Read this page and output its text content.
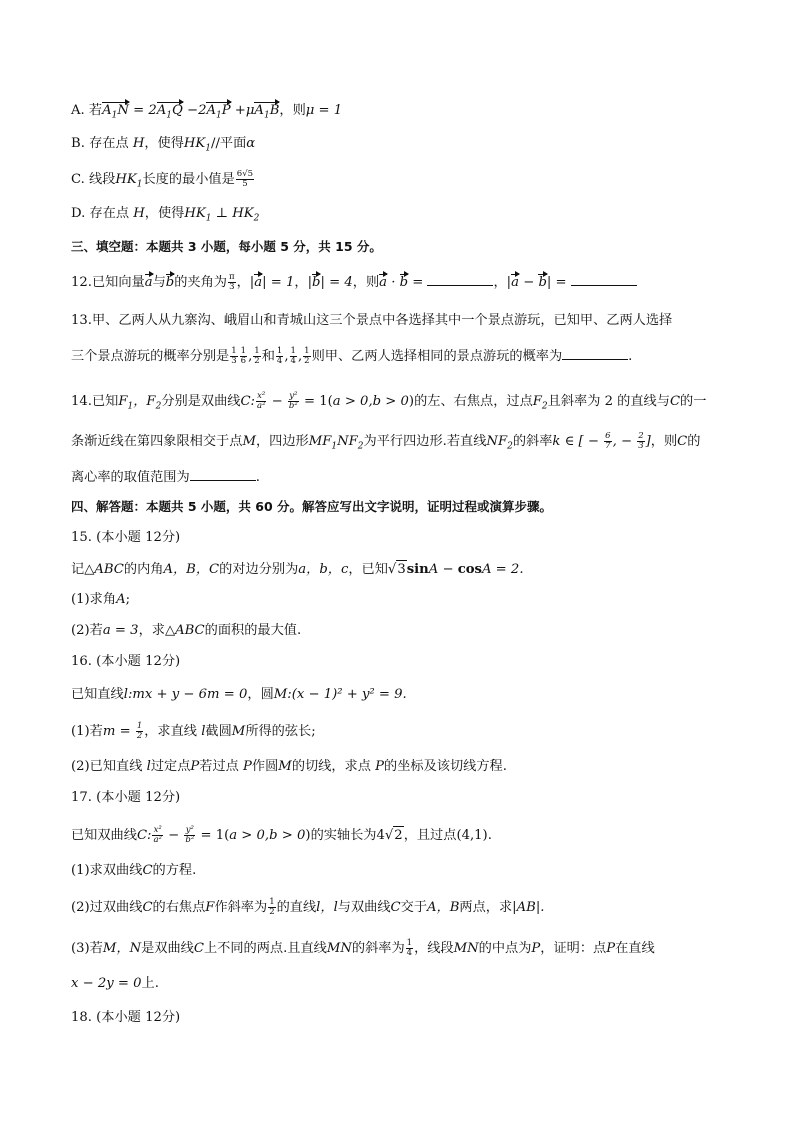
A. 若$A_1N = 2A_1Q -2A_1P +\mu A_1B$，则μ = 1
B. 存在点 H，使得$HK_1//$平面α
C. 线段$HK_1$长度的最小值是 $\frac{6√5}{5}$
D. 存在点 H，使得$HK_1$ ⊥ $HK_2$
三、填空题：本题共 3 小题，每小题 5 分，共 15 分。
12.已知向量a与b的夹角为 $\frac{\pi}{3}$ ，|a| = 1，|b| = 4，则a · b =	，|a − b| =
13.甲、乙两人从九寨沟、峨眉山和青城山这三个景点中各选择其中一个景点游玩，已知甲、乙两人选择
三个景点游玩的概率分别是 $\frac{1}{3} \frac{1}{6}$ , $\frac{1}{2}$ 和 $\frac{1}{4}$ , $\frac{1}{4}$ , $\frac{1}{2}$ 则甲、乙两人选择相同的景点游玩的概率为	.
14.已知$F_1$，$F_2$分别是双曲线C: $\frac{\text{x²}}{\text{a²}} - \frac{\text{y²}}{\text{b²}} = 1(a > 0,b > 0)$的左、右焦点，过点$F_2$且斜率为 2 的直线与C的一
条渐近线在第四象限相交于点M，四边形$MF_1NF_2$为平行四边形.若直线$NF_2$的斜率k ∈ [ − $\frac{6}{7}$ , − $\frac{2}{3}$ ]，则C的
离心率的取值范围为	.
四、解答题：本题共 5 小题，共 60 分。解答应写出文字说明，证明过程或演算步骤。
15. (本小题 12分)
记△ABC的内角A，B，C的对边分别为a，b，c，已知√3sinA − cosA = 2.
(1)求角A;
(2)若a = 3，求△ABC的面积的最大值.
16. (本小题 12分)
已知直线l:mx + y − 6m = 0，圆M:(x − 1)² + y² = 9.
(1)若$m = \frac{1}{2}$ ，求直线 l截圆M所得的弦长;
(2)已知直线 l过定点P若过点 P作圆M的切线，求点 P的坐标及该切线方程.
17. (本小题 12分)
已知双曲线C: $\frac{\text{x²}}{\text{a²}} - \frac{\text{y²}}{\text{b²}} = 1(a > 0,b > 0)$的实轴长为4√2，且过点(4,1).
(1)求双曲线C的方程.
(2)过双曲线C的右焦点F作斜率为 $\frac{1}{2}$ 的直线l，l与双曲线C交于A，B两点，求|AB|.
(3)若M，N是双曲线C上不同的两点.且直线MN的斜率为 $\frac{1}{4}$ ，线段MN的中点为P，证明：点P在直线
x − 2y = 0上.
18. (本小题 12分)
